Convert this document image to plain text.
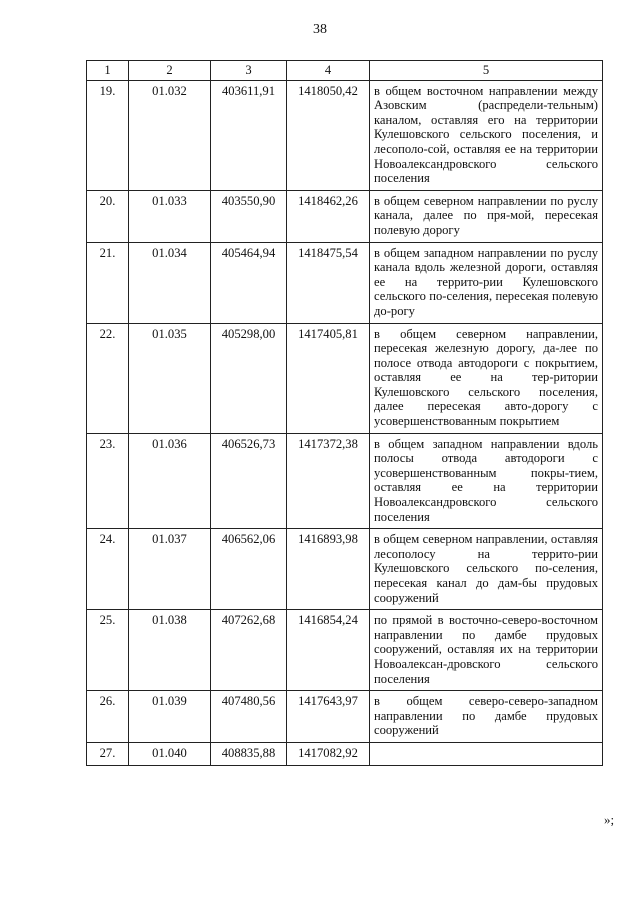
38
1	2	3	4	5
19.	01.032	403611,91	1418050,42	в общем восточном направлении между Азовским (распредели-тельным) каналом, оставляя его на территории Кулешовского сельского поселения, и лесополо-сой, оставляя ее на территории Новоалександровского сельского поселения
20.	01.033	403550,90	1418462,26	в общем северном направлении по руслу канала, далее по пря-мой, пересекая полевую дорогу
21.	01.034	405464,94	1418475,54	в общем западном направлении по руслу канала вдоль железной дороги, оставляя ее на террито-рии Кулешовского сельского по-селения, пересекая полевую до-рогу
22.	01.035	405298,00	1417405,81	в общем северном направлении, пересекая железную дорогу, да-лее по полосе отвода автодороги с покрытием, оставляя ее на тер-ритории Кулешовского сельского поселения, далее пересекая авто-дорогу с усовершенствованным покрытием
23.	01.036	406526,73	1417372,38	в общем западном направлении вдоль полосы отвода автодороги с усовершенствованным покры-тием, оставляя ее на территории Новоалександровского сельского поселения
24.	01.037	406562,06	1416893,98	в общем северном направлении, оставляя лесополосу на террито-рии Кулешовского сельского по-селения, пересекая канал до дам-бы прудовых сооружений
25.	01.038	407262,68	1416854,24	по прямой в восточно-северо-восточном направлении по дамбе прудовых сооружений, оставляя их на территории Новоалексан-дровского сельского поселения
26.	01.039	407480,56	1417643,97	в общем северо-северо-западном направлении по дамбе прудовых сооружений
27.	01.040	408835,88	1417082,92	
»;
